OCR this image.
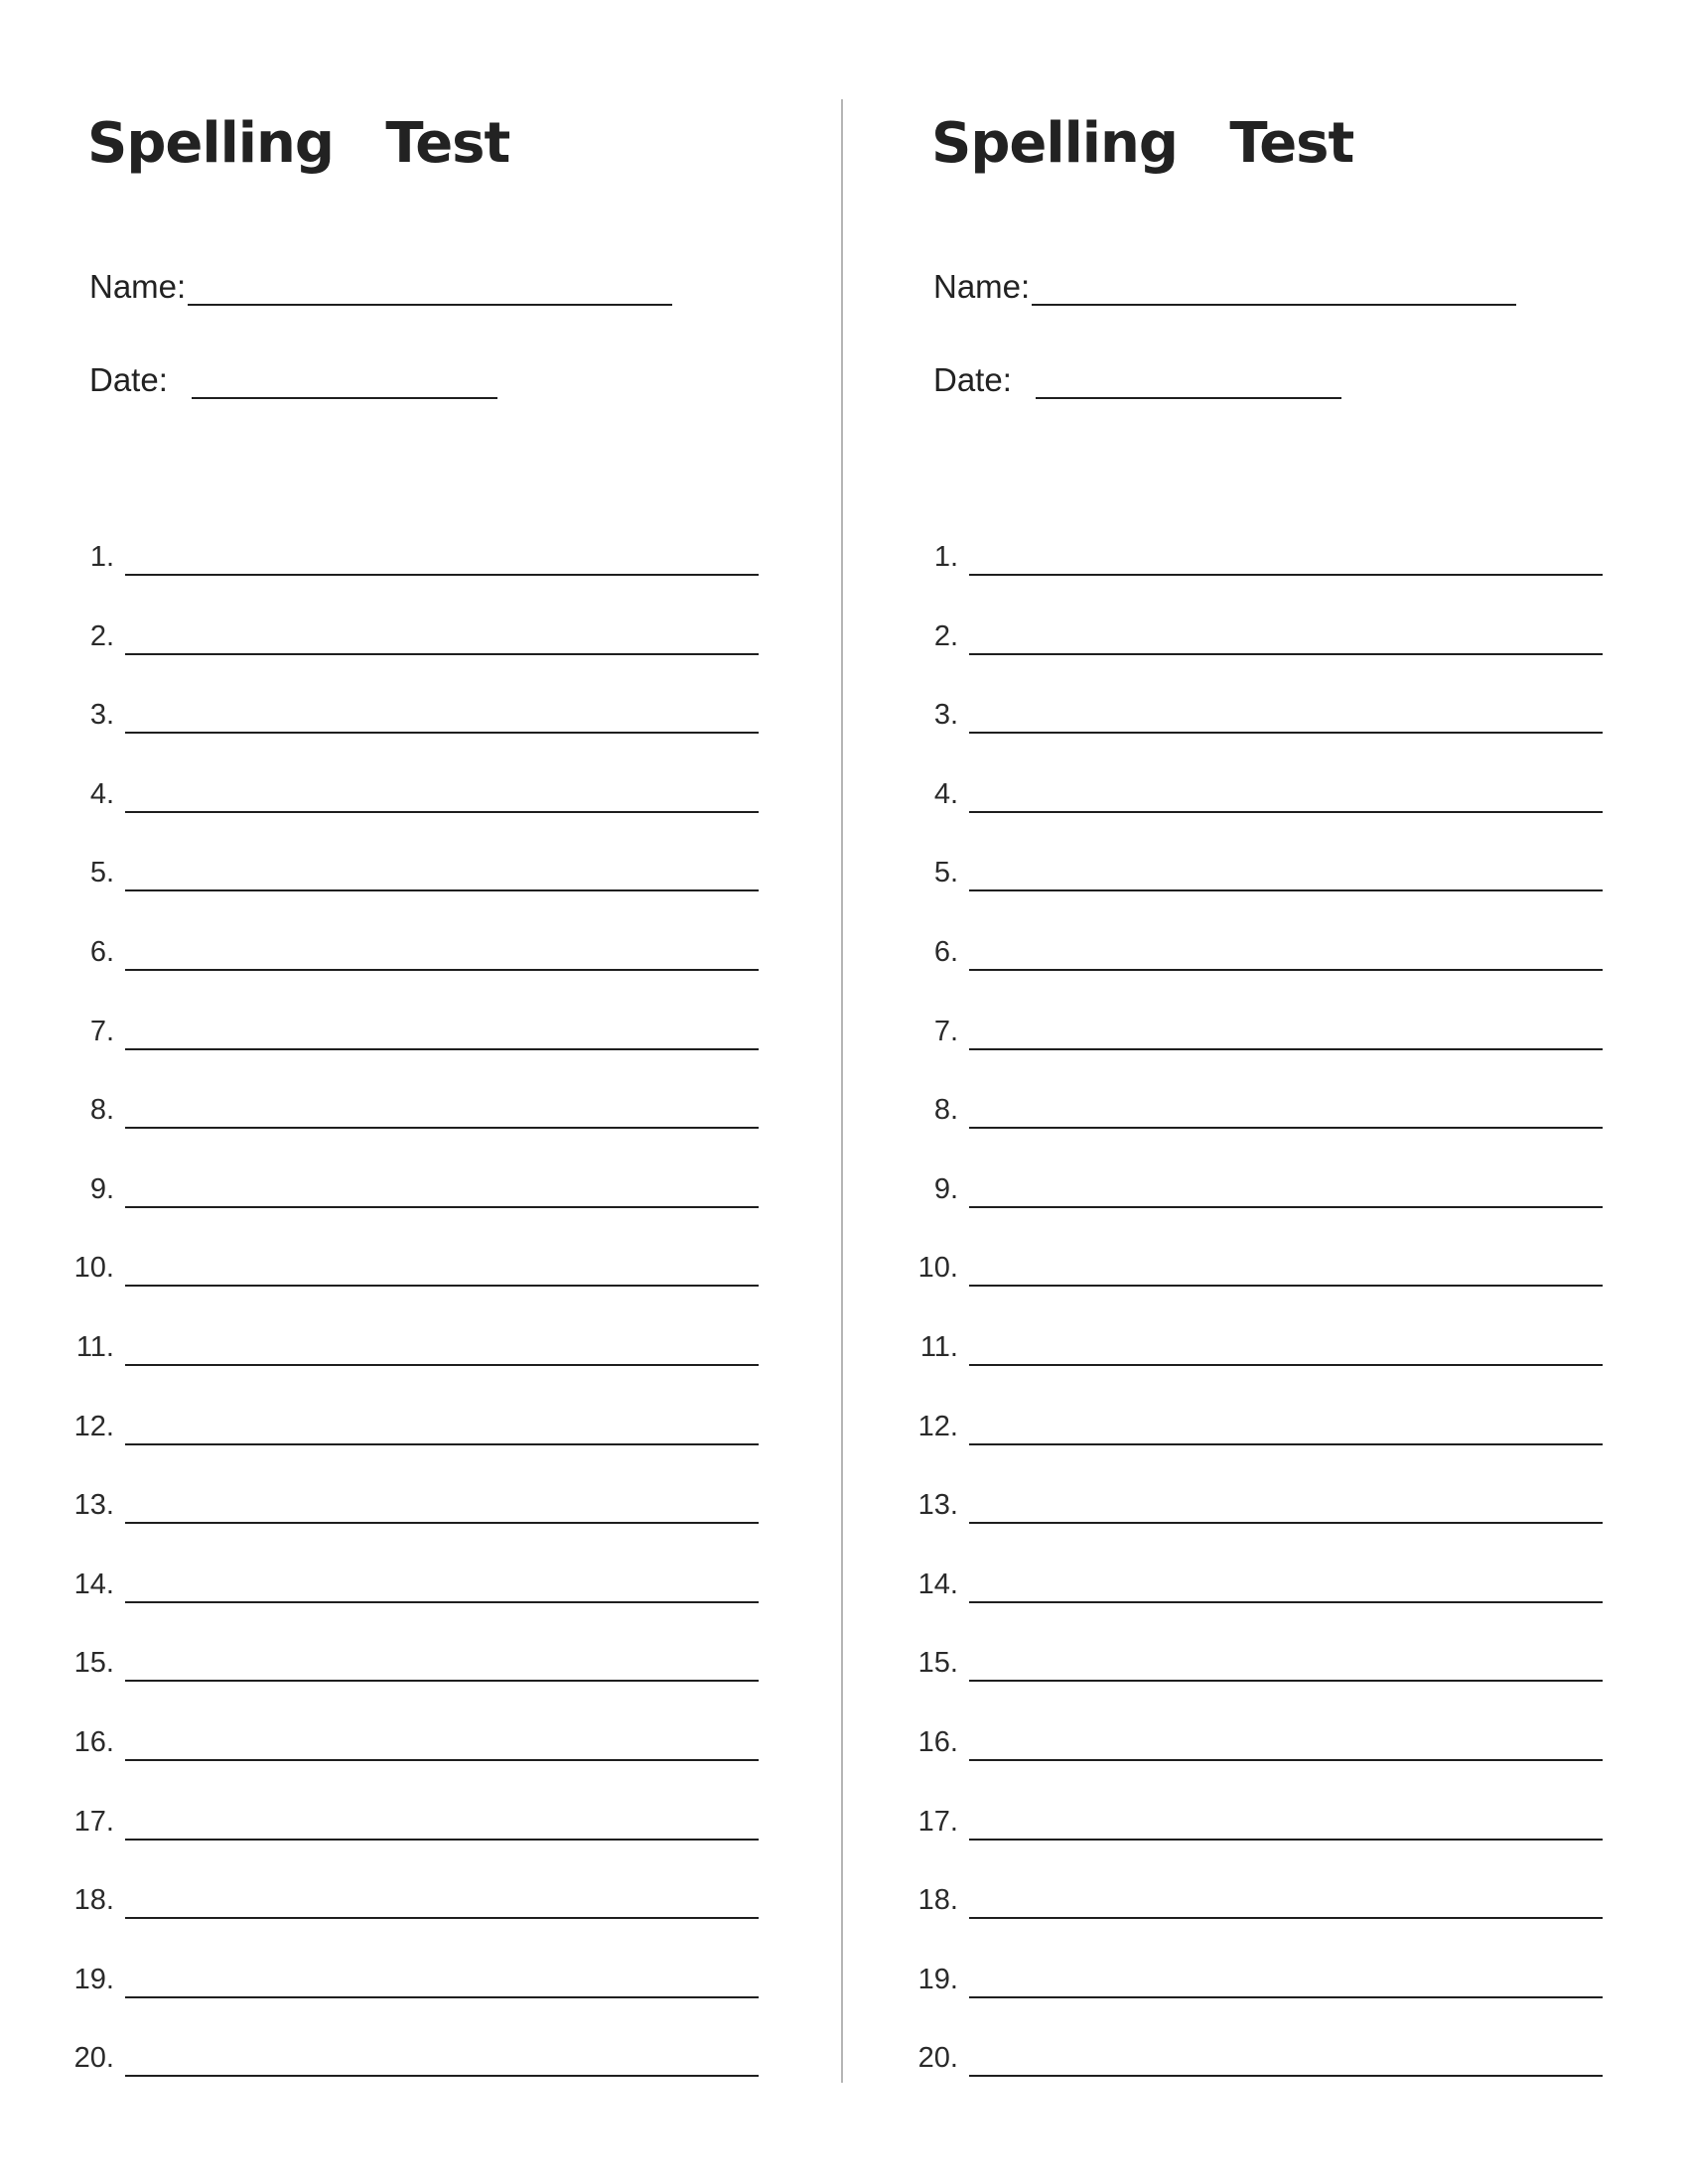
Spelling Test
Name:
Date:
1.
2.
3.
4.
5.
6.
7.
8.
9.
10.
11.
12.
13.
14.
15.
16.
17.
18.
19.
20.
Spelling Test
Name:
Date:
1.
2.
3.
4.
5.
6.
7.
8.
9.
10.
11.
12.
13.
14.
15.
16.
17.
18.
19.
20.
